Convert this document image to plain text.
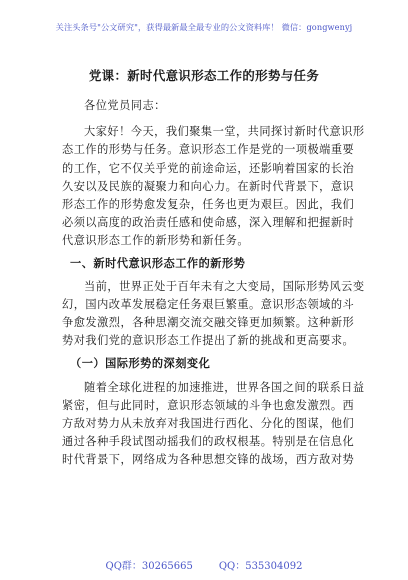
关注头条号"公文研究"，获得最新最全最专业的公文资料库！ 微信：gongwenyj
党课：新时代意识形态工作的形势与任务
各位党员同志：
大家好！今天，我们聚集一堂，共同探讨新时代意识形
态工作的形势与任务。意识形态工作是党的一项极端重要
的工作，它不仅关乎党的前途命运，还影响着国家的长治
久安以及民族的凝聚力和向心力。在新时代背景下，意识
形态工作的形势愈发复杂，任务也更为艰巨。因此，我们
必须以高度的政治责任感和使命感，深入理解和把握新时
代意识形态工作的新形势和新任务。
一、新时代意识形态工作的新形势
当前，世界正处于百年未有之大变局，国际形势风云变
幻，国内改革发展稳定任务艰巨繁重。意识形态领域的斗
争愈发激烈，各种思潮交流交融交锋更加频繁。这种新形
势对我们党的意识形态工作提出了新的挑战和更高要求。
（一）国际形势的深刻变化
随着全球化进程的加速推进，世界各国之间的联系日益
紧密，但与此同时，意识形态领域的斗争也愈发激烈。西
方敌对势力从未放弃对我国进行西化、分化的图谋，他们
通过各种手段试图动摇我们的政权根基。特别是在信息化
时代背景下，网络成为各种思想交锋的战场，西方敌对势
QQ群：30265665	QQ：535304092
